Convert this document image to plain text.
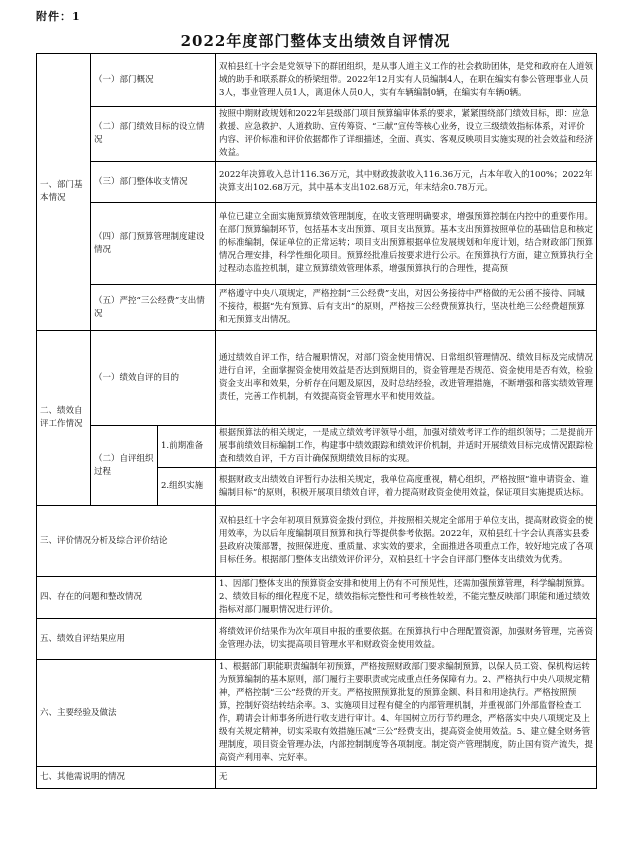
附件：1
2022年度部门整体支出绩效自评情况
一、部门基本情况	（一）部门概况		双柏县红十字会是党领导下的群团组织，是从事人道主义工作的社会救助团体，是党和政府在人道领域的助手和联系群众的桥梁纽带。2022年12月实有人员编制4人，在职在编实有参公管理事业人员3人，事业管理人员1人，离退休人员0人，实有车辆编制0辆，在编实有车辆0辆。
	（二）部门绩效目标的设立情况		按照中期财政规划和2022年县级部门项目预算编审体系的要求，紧紧围绕部门绩效目标，即：应急救援、应急救护、人道救助、宣传筹资、“三献”宣传等核心业务，设立三级绩效指标体系，对评价内容、评价标准和评价依据都作了详细描述，全面、真实、客观反映项目实施实现的社会效益和经济效益。
	（三）部门整体收支情况		2022年决算收入总计116.36万元，其中财政拨款收入116.36万元，占本年收入的100%；2022年决算支出102.68万元，其中基本支出102.68万元，年末结余0.78万元。
	（四）部门预算管理制度建设情况		单位已建立全面实施预算绩效管理制度，在收支管理明确要求，增强预算控制在内控中的重要作用。在部门预算编制环节，包括基本支出预算、项目支出预算。基本支出预算按照单位的基础信息和核定的标准编制，保证单位的正常运转；项目支出预算根据单位发展规划和年度计划，结合财政部门预算情况合理安排，科学性细化项目。预算经批准后按要求进行公示。在预算执行方面，建立预算执行全过程动态监控机制，建立预算绩效管理体系，增强预算执行的合理性，提高预
	（五）严控“三公经费”支出情况		严格遵守中央八项规定，严格控制“三公经费”支出，对因公务接待中严格做的无公函不接待、同城不接待，根据“先有预算、后有支出”的原则，严格按三公经费预算执行，坚决杜绝三公经费超预算和无预算支出情况。
二、绩效自评工作情况	（一）绩效自评的目的		通过绩效自评工作，结合履职情况，对部门资金使用情况、日常组织管理情况、绩效目标及完成情况进行自评，全面掌握资金使用效益是否达到预期目的，资金管理是否规范、资金使用是否有效，检验资金支出率和效果，分析存在问题及原因，及时总结经验，改进管理措施，不断增强和落实绩效管理责任，完善工作机制，有效提高资金管理水平和使用效益。
	（二）自评组织过程	1.前期准备	根据预算法的相关规定，一是成立绩效考评领导小组，加强对绩效考评工作的组织领导；二是提前开展事前绩效目标编制工作，构建事中绩效跟踪和绩效评价机制，并适时开展绩效目标完成情况跟踪检查和绩效自评，千方百计确保预期绩效目标的实现。
		2.组织实施	根据财政支出绩效自评暂行办法相关规定，我单位高度重视，精心组织，严格按照“谁申请资金、谁编制目标”的原则，积极开展项目绩效自评，着力提高财政资金使用效益，保证项目实施提质达标。
三、评价情况分析及综合评价结论			双柏县红十字会年初项目预算资金拨付到位，并按照相关规定全部用于单位支出，提高财政资金的使用效率，为以后年度编制项目预算和执行等提供参考依据。2022年，双柏县红十字会认真落实县委县政府决策部署，按照保进度、重质量、求实效的要求，全面推进各项重点工作，较好地完成了各项目标任务。根据部门整体支出绩效评价评分，双柏县红十字会自评部门整体支出绩效为优秀。
四、存在的问题和整改情况			1、因部门整体支出的预算资金安排和使用上仍有不可预见性，还需加强预算管理，科学编制预算。2、绩效目标的细化程度不足，绩效指标完整性和可考核性较差，不能完整反映部门职能和通过绩效指标对部门履职情况进行评价。
五、绩效自评结果应用			将绩效评价结果作为次年项目申报的重要依据。在预算执行中合理配置资源，加强财务管理，完善资金管理办法，切实提高项目管理水平和财政资金使用效益。
六、主要经验及做法			1、根据部门职能职责编制年初预算，严格按照财政部门要求编制预算，以保人员工资、保机构运转为预算编制的基本原则，部门履行主要职责或完成重点任务保障有力。2、严格执行中央八项规定精神，严格控制“三公”经费的开支。严格按照预算批复的预算金额、科目和用途执行。严格按照预算，控制好资结转结余率。3、实施项目过程有健全的内部管理机制，并重视部门外部监督检查工作，聘请会计师事务所进行收支进行审计。4、年国树立历行节约理念，严格落实中央八项规定及上级有关规定精神，切实采取有效措施压减“三公”经费支出，提高资金使用效益。5、建立健全财务管理制度，项目资金管理办法，内部控制制度等各项制度。制定资产管理制度，防止国有资产流失，提高资产利用率、完好率。
七、其他需说明的情况			无
